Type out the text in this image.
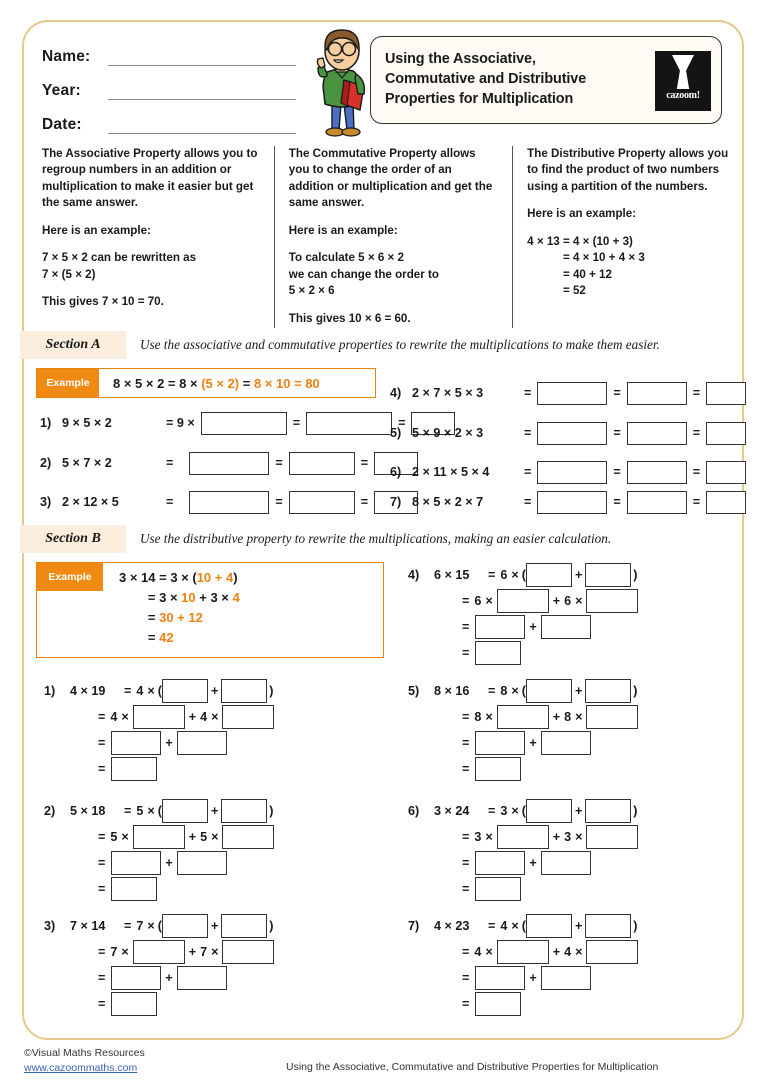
Name:
Year:
Date:
Using the Associative,
Commutative and Distributive
Properties for Multiplication	cazoom!

The Associative Property allows you to regroup numbers in an addition or multiplication to make it easier but get the same answer.

Here is an example:

7 × 5 × 2 can be rewritten as
7 × (5 × 2)

This gives 7 × 10 = 70.

The Commutative Property allows you to change the order of an addition or multiplication and get the same answer.

Here is an example:

To calculate 5 × 6 × 2
we can change the order to
5 × 2 × 6

This gives 10 × 6 = 60.

The Distributive Property allows you to find the product of two numbers using a partition of the numbers.

Here is an example:

4 × 13 = 4 × (10 + 3)
= 4 × 10 + 4 × 3
= 40 + 12
= 52
Section A	Use the associative and commutative properties to rewrite the multiplications to make them easier.
Example	8 × 5 × 2 = 8 × (5 × 2) = 8 × 10 = 80
1) 9 × 5 × 2	= 9 ×	=	=
2) 5 × 7 × 2	=	=	=
3) 2 × 12 × 5	=	=	=
4) 2 × 7 × 5 × 3	=	=	=
5) 5 × 9 × 2 × 3	=	=	=
6) 2 × 11 × 5 × 4	=	=	=
7) 8 × 5 × 2 × 7	=	=	=
Section B	Use the distributive property to rewrite the multiplications, making an easier calculation.
Example	3 × 14 = 3 × (10 + 4)
= 3 × 10 + 3 × 4
= 30 + 12
= 42
1)	4 × 19	= 4 × (	+	)
= 4 ×	+ 4 ×
=	+
=
2)	5 × 18	= 5 × (	+	)
= 5 ×	+ 5 ×
=	+
=
3)	7 × 14	= 7 × (	+	)
= 7 ×	+ 7 ×
=	+
=
4)	6 × 15	= 6 × (	+	)
= 6 ×	+ 6 ×
=	+
=
5)	8 × 16	= 8 × (	+	)
= 8 ×	+ 8 ×
=	+
=
6)	3 × 24	= 3 × (	+	)
= 3 ×	+ 3 ×
=	+
=
7)	4 × 23	= 4 × (	+	)
= 4 ×	+ 4 ×
=	+
=
©Visual Maths Resources
www.cazoommaths.com	Using the Associative, Commutative and Distributive Properties for Multiplication
